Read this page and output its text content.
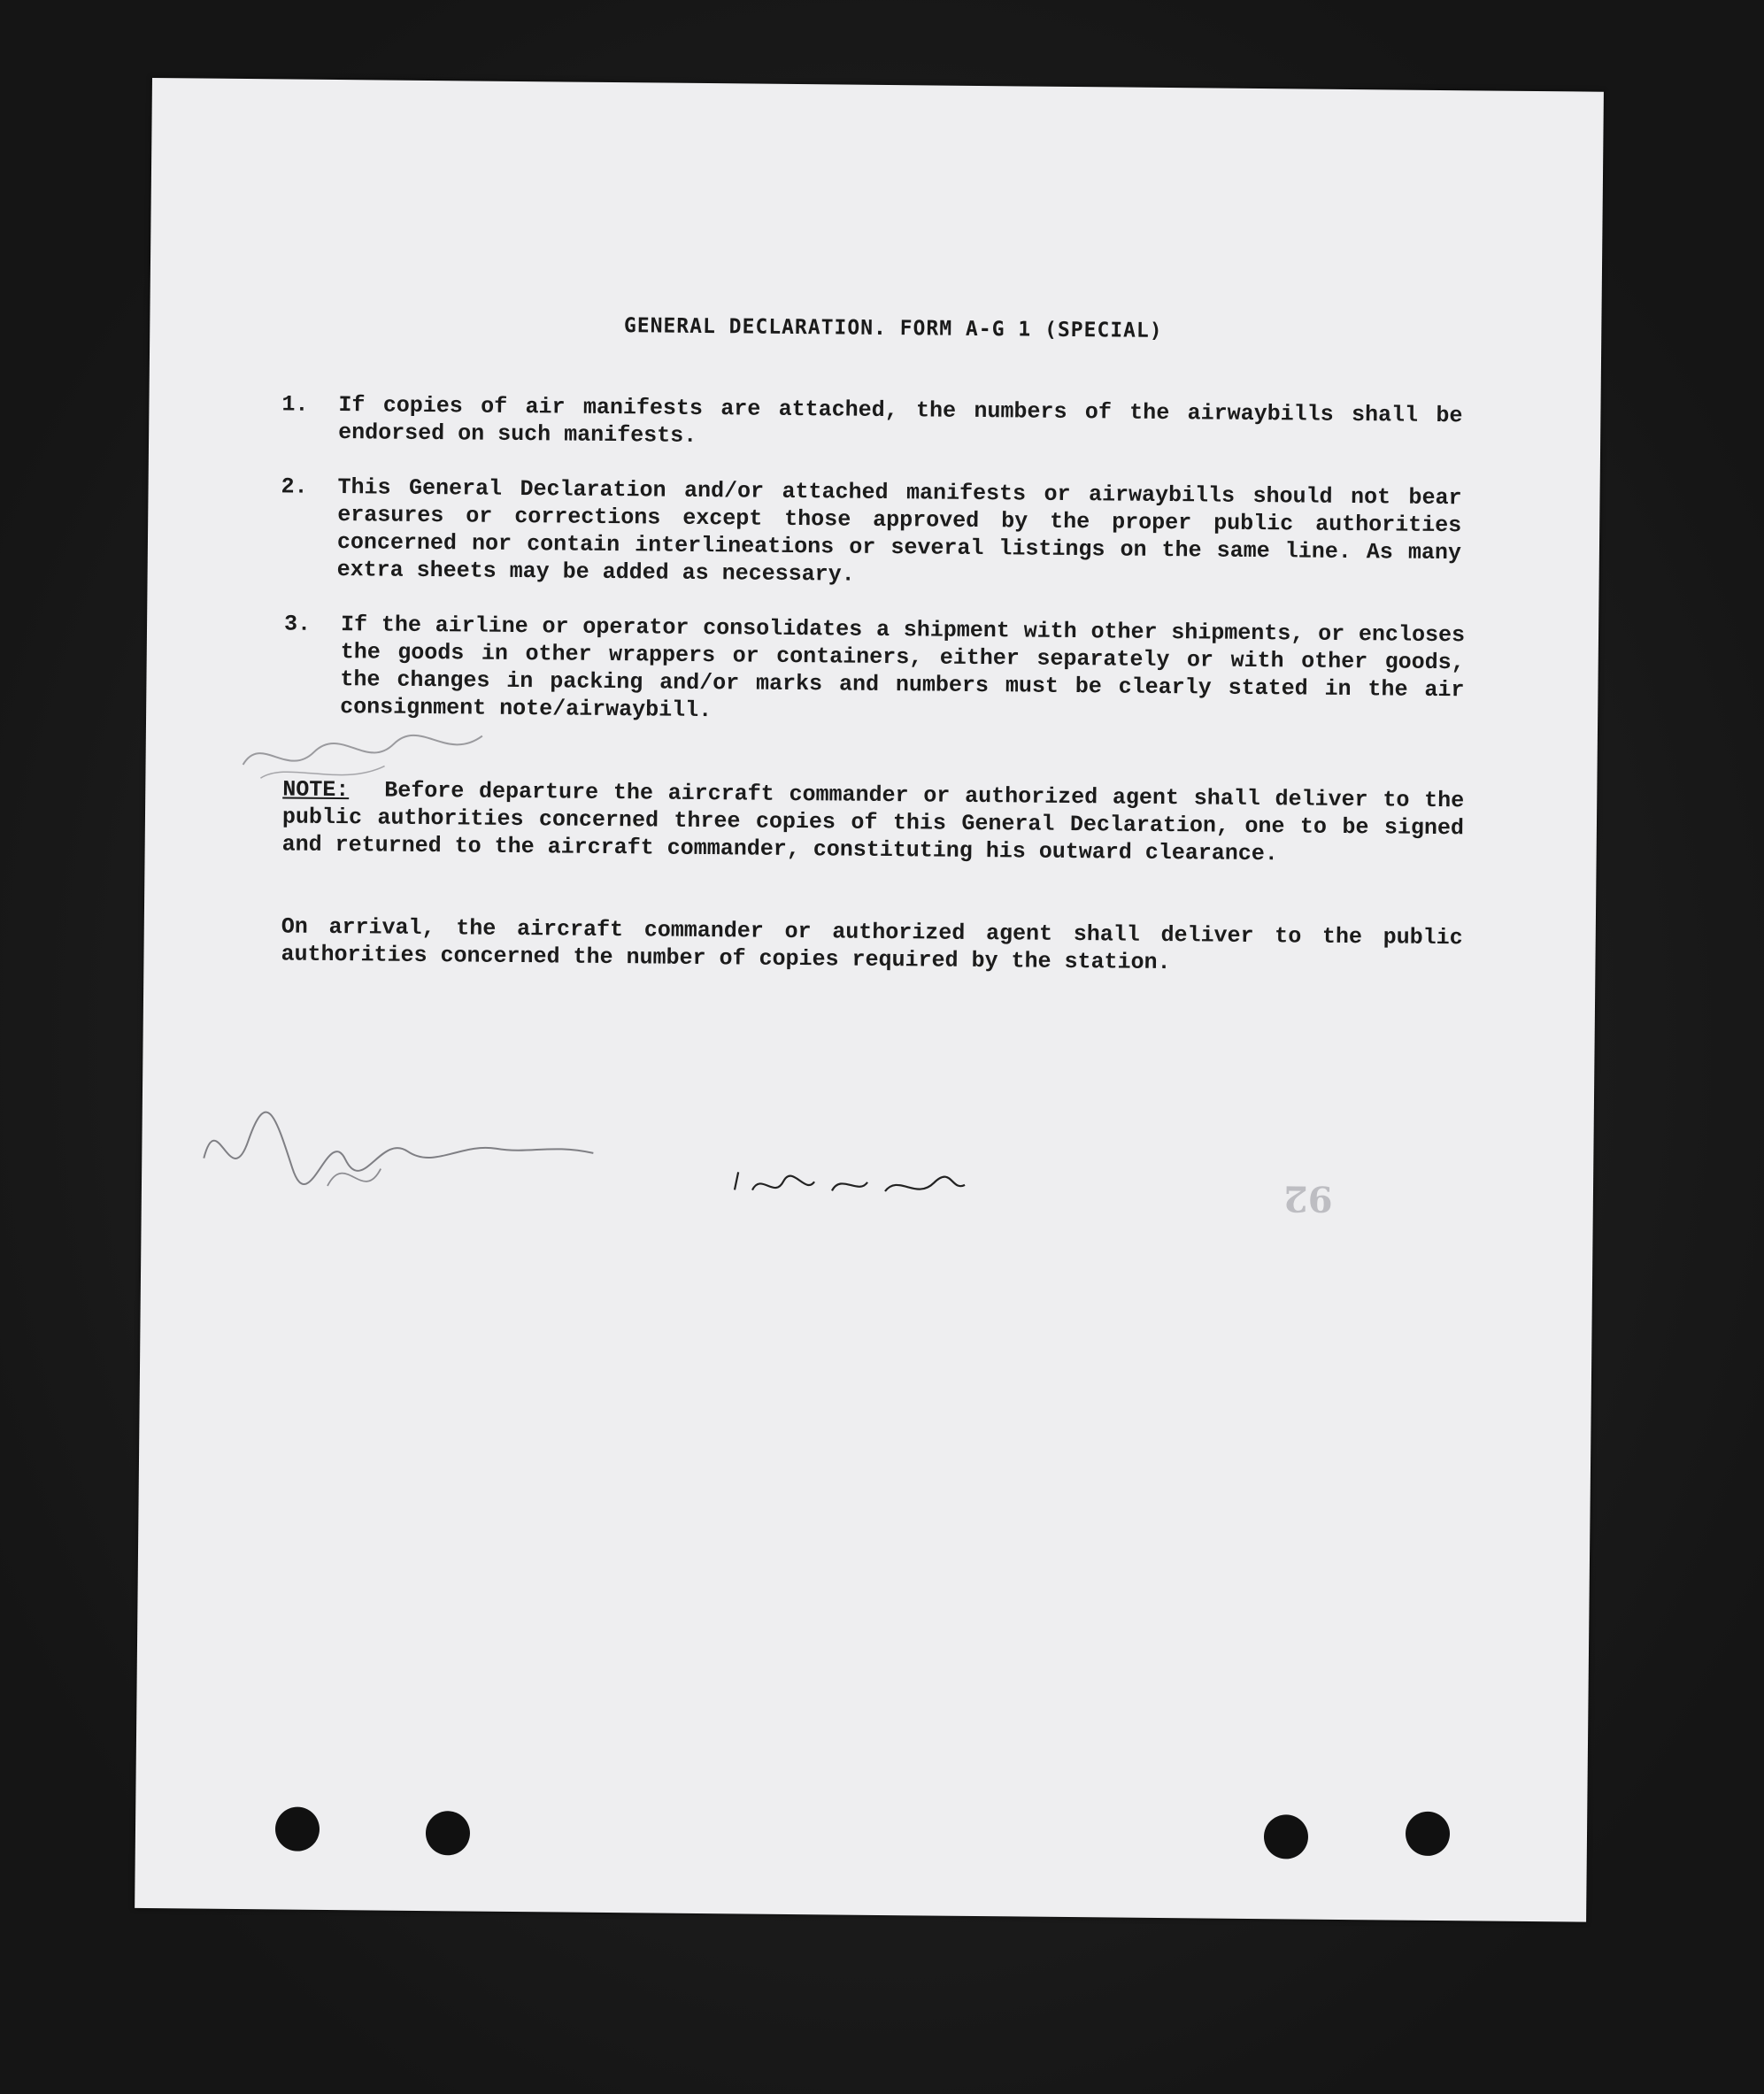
GENERAL DECLARATION. FORM A-G 1 (SPECIAL)
1. If copies of air manifests are attached, the numbers of the airwaybills shall be endorsed on such manifests.
2. This General Declaration and/or attached manifests or airwaybills should not bear erasures or corrections except those approved by the proper public authorities concerned nor contain interlineations or several listings on the same line. As many extra sheets may be added as necessary.
3. If the airline or operator consolidates a shipment with other shipments, or encloses the goods in other wrappers or containers, either separately or with other goods, the changes in packing and/or marks and numbers must be clearly stated in the air consignment note/airwaybill.
NOTE: Before departure the aircraft commander or authorized agent shall deliver to the public authorities concerned three copies of this General Declaration, one to be signed and returned to the aircraft commander, constituting his outward clearance.
On arrival, the aircraft commander or authorized agent shall deliver to the public authorities concerned the number of copies required by the station.
92
